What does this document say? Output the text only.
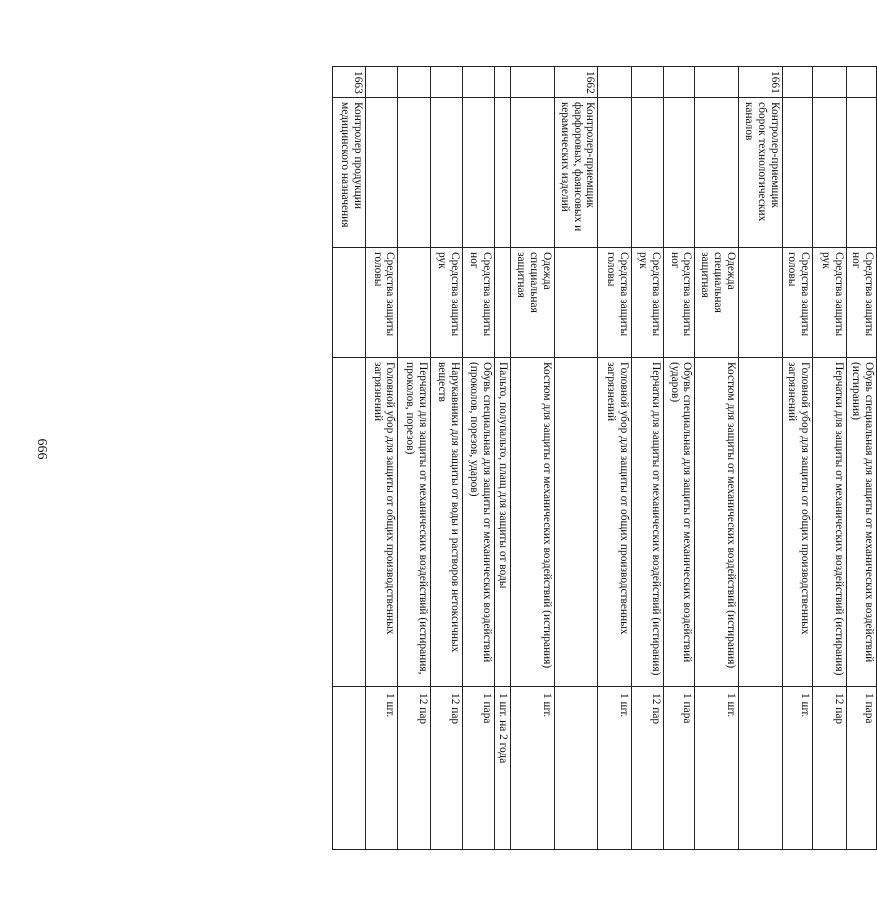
666
		Средства защиты ног	Обувь специальная для защиты от механических воздействий (истирания)	1 пара
		Средства защиты рук	Перчатки для защиты от механических воздействий (истирания)	12 пар
		Средства защиты головы	Головной убор для защиты от общих производственных загрязнений	1 шт.
1661	Контролер-приемщик сборок технологических каналов			
		Одежда специальная защитная	Костюм для защиты от механических воздействий (истирания)	1 шт.
		Средства защиты ног	Обувь специальная для защиты от механических воздействий (ударов)	1 пара
		Средства защиты рук	Перчатки для защиты от механических воздействий (истирания)	12 пар
		Средства защиты головы	Головной убор для защиты от общих производственных загрязнений	1 шт.
1662	Контролер-приемщик фарфоровых, фаянсовых и керамических изделий			
		Одежда специальная защитная	Костюм для защиты от механических воздействий (истирания)	1 шт.
			Пальто, полупальто, плащ для защиты от воды	1 шт. на 2 года
		Средства защиты ног	Обувь специальная для защиты от механических воздействий (проколов, порезов, ударов)	1 пара
		Средства защиты рук	Нарукавники для защиты от воды и растворов нетоксичных веществ	12 пар
			Перчатки для защиты от механических воздействий (истирания, проколов, порезов)	12 пар
		Средства защиты головы	Головной убор для защиты от общих производственных загрязнений	1 шт.
1663	Контролер продукции медицинского назначения			
